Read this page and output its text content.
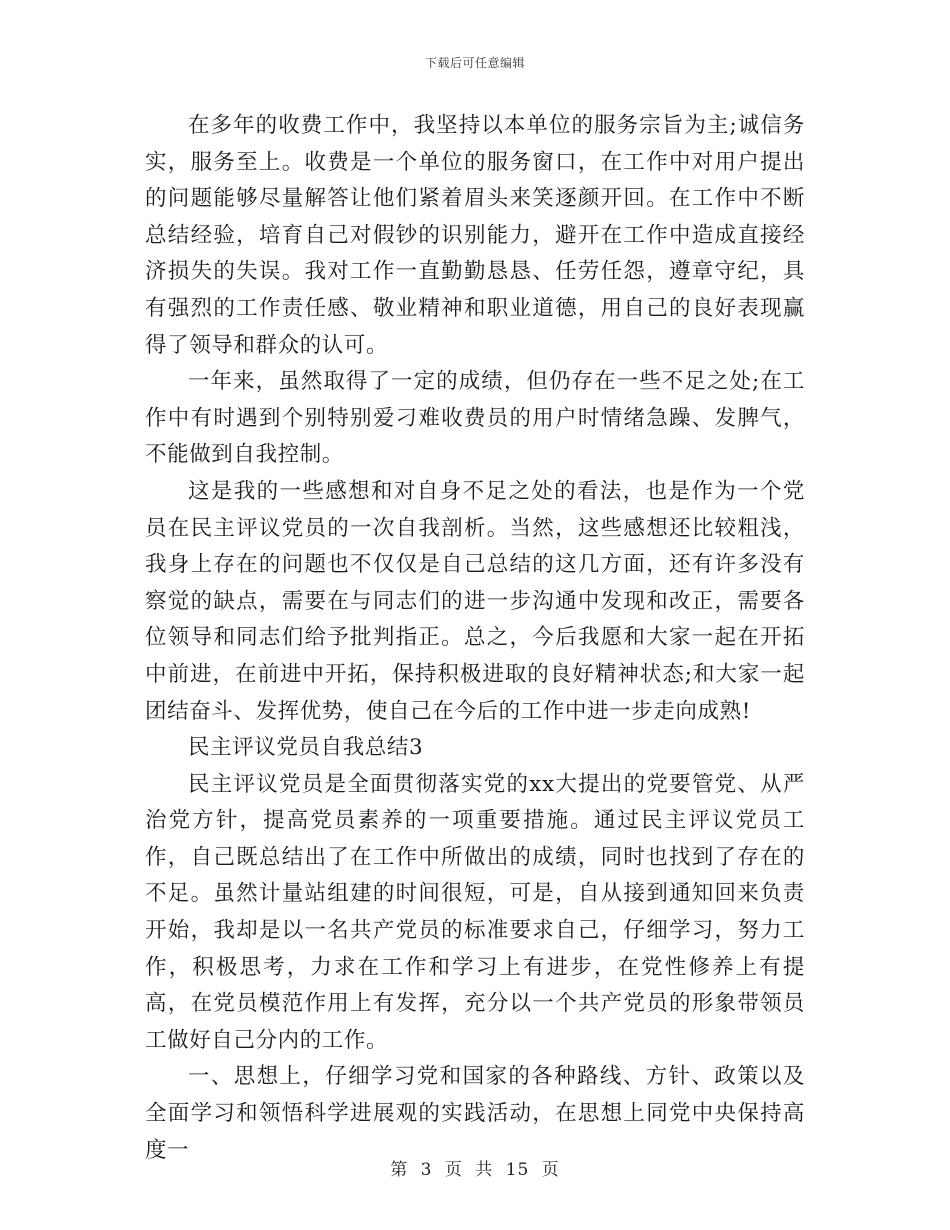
下载后可任意编辑

在多年的收费工作中，我坚持以本单位的服务宗旨为主;诚信务实，服务至上。收费是一个单位的服务窗口，在工作中对用户提出的问题能够尽量解答让他们紧着眉头来笑逐颜开回。在工作中不断总结经验，培育自己对假钞的识别能力，避开在工作中造成直接经济损失的失误。我对工作一直勤勤恳恳、任劳任怨，遵章守纪，具有强烈的工作责任感、敬业精神和职业道德，用自己的良好表现赢得了领导和群众的认可。

一年来，虽然取得了一定的成绩，但仍存在一些不足之处;在工作中有时遇到个别特别爱刁难收费员的用户时情绪急躁、发脾气，不能做到自我控制。

这是我的一些感想和对自身不足之处的看法，也是作为一个党员在民主评议党员的一次自我剖析。当然，这些感想还比较粗浅，我身上存在的问题也不仅仅是自己总结的这几方面，还有许多没有察觉的缺点，需要在与同志们的进一步沟通中发现和改正，需要各位领导和同志们给予批判指正。总之，今后我愿和大家一起在开拓中前进，在前进中开拓，保持积极进取的良好精神状态;和大家一起团结奋斗、发挥优势，使自己在今后的工作中进一步走向成熟!

民主评议党员自我总结3

民主评议党员是全面贯彻落实党的xx大提出的党要管党、从严治党方针，提高党员素养的一项重要措施。通过民主评议党员工作，自己既总结出了在工作中所做出的成绩，同时也找到了存在的不足。虽然计量站组建的时间很短，可是，自从接到通知回来负责开始，我却是以一名共产党员的标准要求自己，仔细学习，努力工作，积极思考，力求在工作和学习上有进步，在党性修养上有提高，在党员模范作用上有发挥，充分以一个共产党员的形象带领员工做好自己分内的工作。

一、思想上，仔细学习党和国家的各种路线、方针、政策以及全面学习和领悟科学进展观的实践活动，在思想上同党中央保持高度一

第 3 页 共 15 页
